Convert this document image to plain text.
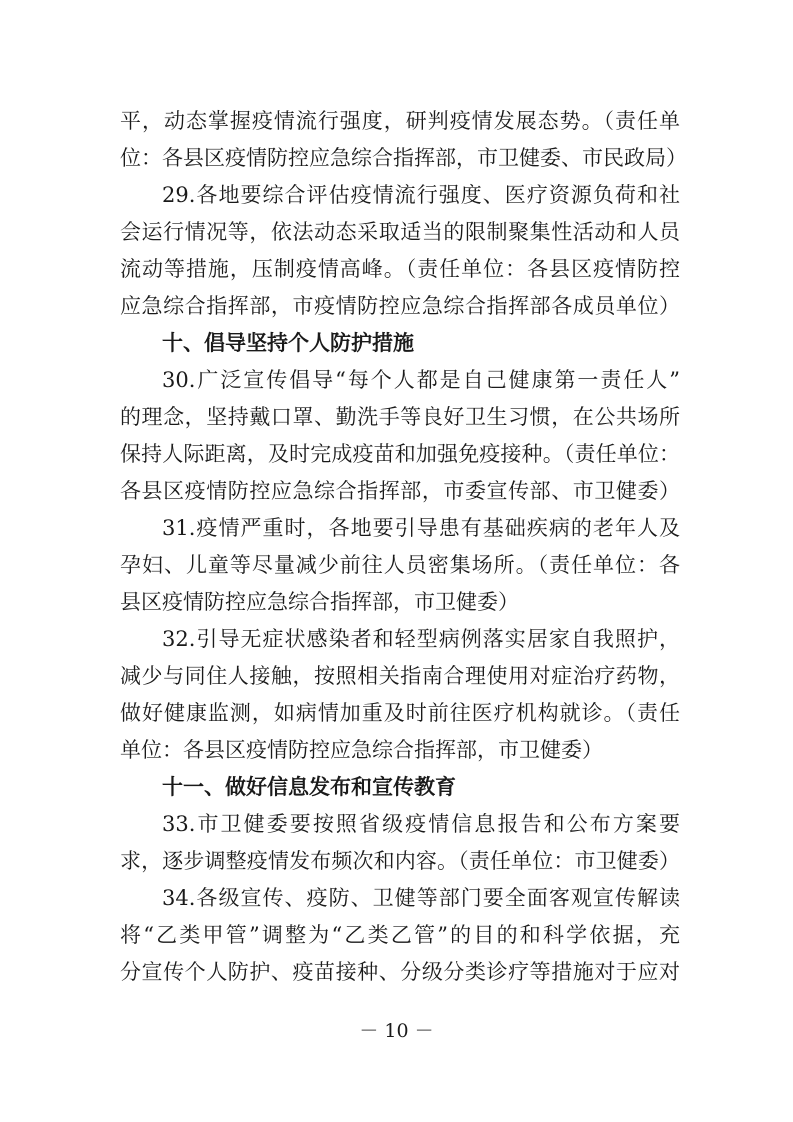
平，动态掌握疫情流行强度，研判疫情发展态势。（责任单
位：各县区疫情防控应急综合指挥部，市卫健委、市民政局）
29.各地要综合评估疫情流行强度、医疗资源负荷和社
会运行情况等，依法动态采取适当的限制聚集性活动和人员
流动等措施，压制疫情高峰。（责任单位：各县区疫情防控
应急综合指挥部，市疫情防控应急综合指挥部各成员单位）
十、倡导坚持个人防护措施
30.广泛宣传倡导“每个人都是自己健康第一责任人”
的理念，坚持戴口罩、勤洗手等良好卫生习惯，在公共场所
保持人际距离，及时完成疫苗和加强免疫接种。（责任单位：
各县区疫情防控应急综合指挥部，市委宣传部、市卫健委）
31.疫情严重时，各地要引导患有基础疾病的老年人及
孕妇、儿童等尽量减少前往人员密集场所。（责任单位：各
县区疫情防控应急综合指挥部，市卫健委）
32.引导无症状感染者和轻型病例落实居家自我照护，
减少与同住人接触，按照相关指南合理使用对症治疗药物，
做好健康监测，如病情加重及时前往医疗机构就诊。（责任
单位：各县区疫情防控应急综合指挥部，市卫健委）
十一、做好信息发布和宣传教育
33.市卫健委要按照省级疫情信息报告和公布方案要
求，逐步调整疫情发布频次和内容。（责任单位：市卫健委）
34.各级宣传、疫防、卫健等部门要全面客观宣传解读
将“乙类甲管”调整为“乙类乙管”的目的和科学依据，充
分宣传个人防护、疫苗接种、分级分类诊疗等措施对于应对
－ 10 －
